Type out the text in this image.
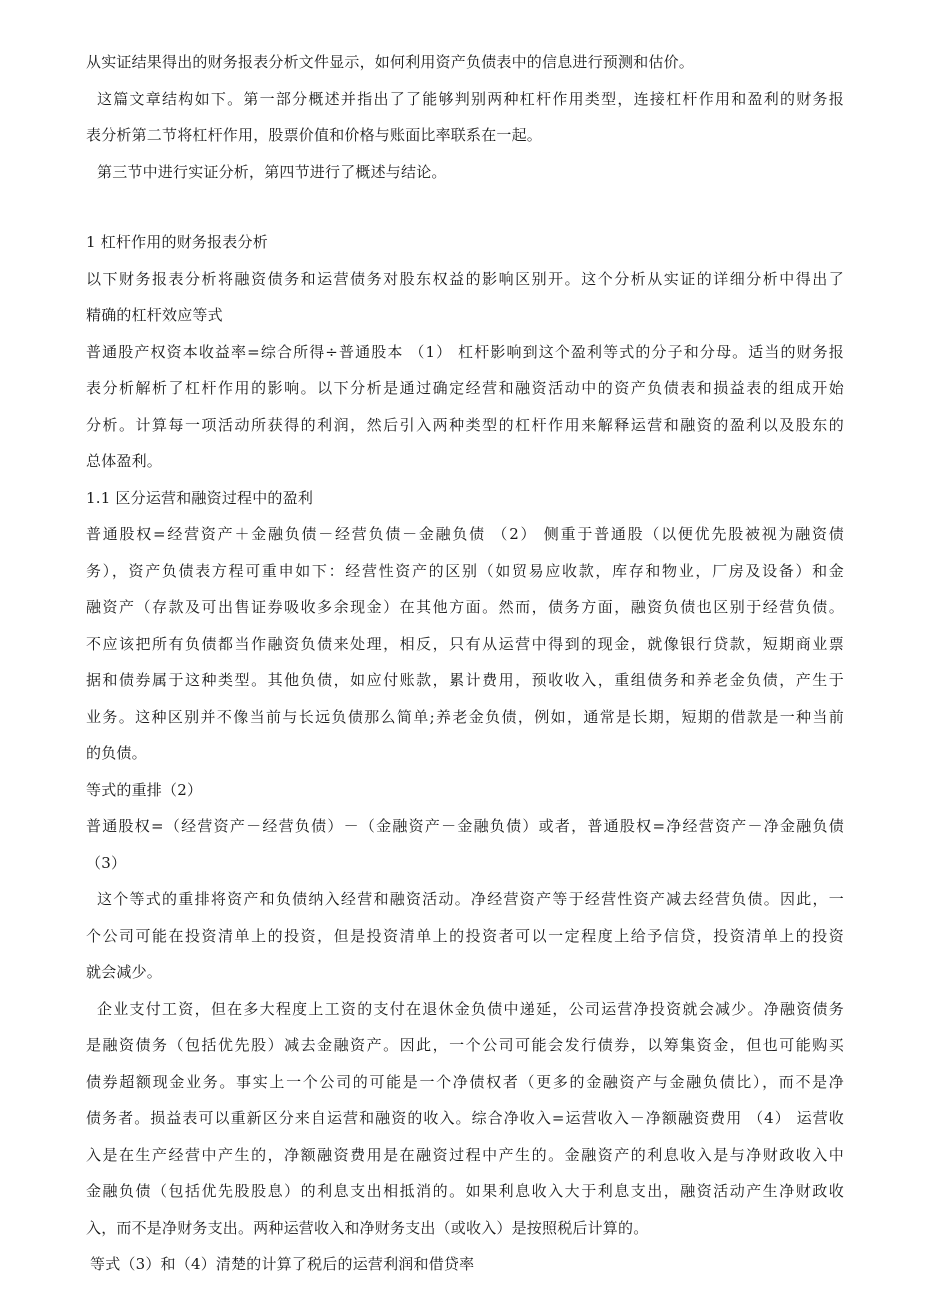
从实证结果得出的财务报表分析文件显示，如何利用资产负债表中的信息进行预测和估价。
这篇文章结构如下。第一部分概述并指出了了能够判别两种杠杆作用类型，连接杠杆作用和盈利的财务报
表分析第二节将杠杆作用，股票价值和价格与账面比率联系在一起。
第三节中进行实证分析，第四节进行了概述与结论。
1 杠杆作用的财务报表分析
以下财务报表分析将融资债务和运营债务对股东权益的影响区别开。这个分析从实证的详细分析中得出了
精确的杠杆效应等式
普通股产权资本收益率=综合所得÷普通股本 （1） 杠杆影响到这个盈利等式的分子和分母。适当的财务报
表分析解析了杠杆作用的影响。以下分析是通过确定经营和融资活动中的资产负债表和损益表的组成开始
分析。计算每一项活动所获得的利润，然后引入两种类型的杠杆作用来解释运营和融资的盈利以及股东的
总体盈利。
1.1 区分运营和融资过程中的盈利
普通股权=经营资产＋金融负债－经营负债－金融负债 （2） 侧重于普通股（以便优先股被视为融资债
务），资产负债表方程可重申如下：经营性资产的区别（如贸易应收款，库存和物业，厂房及设备）和金
融资产（存款及可出售证券吸收多余现金）在其他方面。然而，债务方面，融资负债也区别于经营负债。
不应该把所有负债都当作融资负债来处理，相反，只有从运营中得到的现金，就像银行贷款，短期商业票
据和债券属于这种类型。其他负债，如应付账款，累计费用，预收收入，重组债务和养老金负债，产生于
业务。这种区别并不像当前与长远负债那么简单;养老金负债，例如，通常是长期，短期的借款是一种当前
的负债。
等式的重排（2）
普通股权=（经营资产－经营负债）－（金融资产－金融负债）或者，普通股权=净经营资产－净金融负债
（3）
这个等式的重排将资产和负债纳入经营和融资活动。净经营资产等于经营性资产减去经营负债。因此，一
个公司可能在投资清单上的投资，但是投资清单上的投资者可以一定程度上给予信贷，投资清单上的投资
就会减少。
企业支付工资，但在多大程度上工资的支付在退休金负债中递延，公司运营净投资就会减少。净融资债务
是融资债务（包括优先股）减去金融资产。因此，一个公司可能会发行债券，以筹集资金，但也可能购买
债券超额现金业务。事实上一个公司的可能是一个净债权者（更多的金融资产与金融负债比），而不是净
债务者。损益表可以重新区分来自运营和融资的收入。综合净收入=运营收入－净额融资费用 （4） 运营收
入是在生产经营中产生的，净额融资费用是在融资过程中产生的。金融资产的利息收入是与净财政收入中
金融负债（包括优先股股息）的利息支出相抵消的。如果利息收入大于利息支出，融资活动产生净财政收
入，而不是净财务支出。两种运营收入和净财务支出（或收入）是按照税后计算的。
等式（3）和（4）清楚的计算了税后的运营利润和借贷率
